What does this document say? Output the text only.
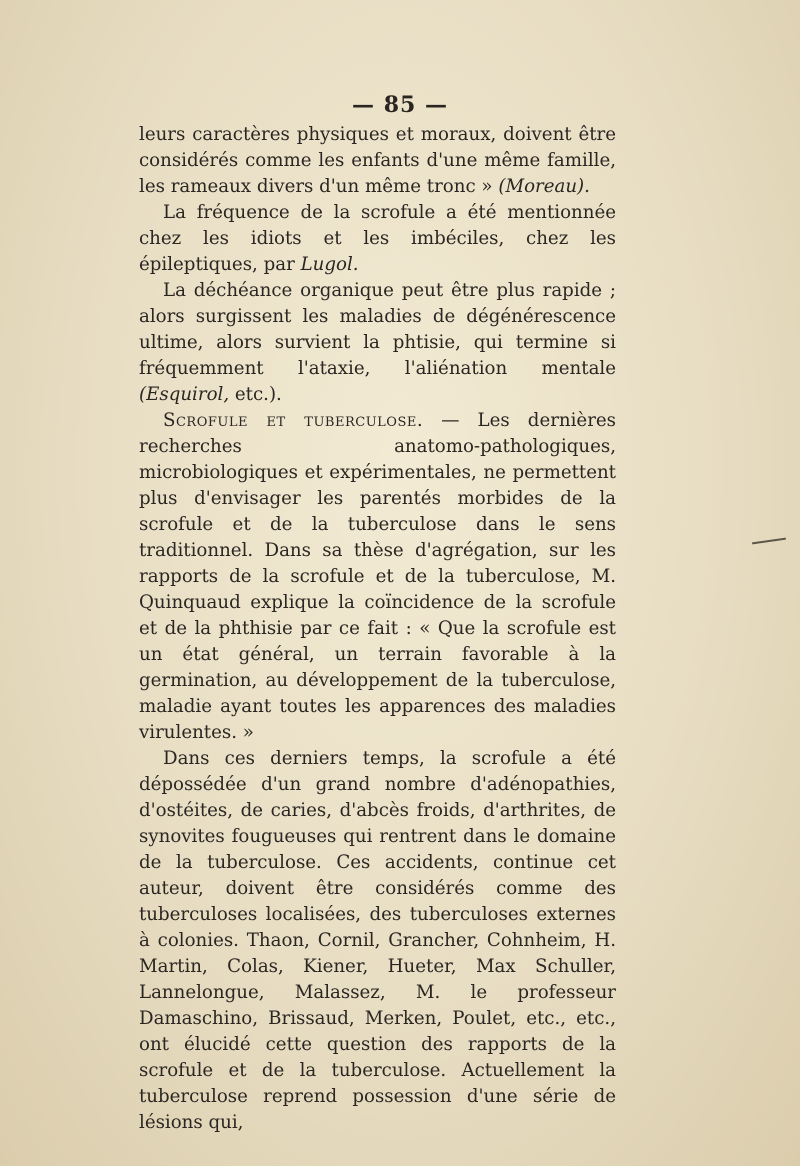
— 85 —

leurs caractères physiques et moraux, doivent être considérés comme les enfants d'une même famille, les rameaux divers d'un même tronc » (Moreau).

La fréquence de la scrofule a été mentionnée chez les idiots et les imbéciles, chez les épileptiques, par Lugol.

La déchéance organique peut être plus rapide ; alors surgissent les maladies de dégénérescence ultime, alors survient la phtisie, qui termine si fréquemment l'ataxie, l'aliénation mentale (Esquirol, etc.).

Scrofule et tuberculose. — Les dernières recherches anatomo-pathologiques, microbiologiques et expérimentales, ne permettent plus d'envisager les parentés morbides de la scrofule et de la tuberculose dans le sens traditionnel. Dans sa thèse d'agrégation, sur les rapports de la scrofule et de la tuberculose, M. Quinquaud explique la coïncidence de la scrofule et de la phthisie par ce fait : « Que la scrofule est un état général, un terrain favorable à la germination, au développement de la tuberculose, maladie ayant toutes les apparences des maladies virulentes. »

Dans ces derniers temps, la scrofule a été dépossédée d'un grand nombre d'adénopathies, d'ostéites, de caries, d'abcès froids, d'arthrites, de synovites fougueuses qui rentrent dans le domaine de la tuberculose. Ces accidents, continue cet auteur, doivent être considérés comme des tuberculoses localisées, des tuberculoses externes à colonies. Thaon, Cornil, Grancher, Cohnheim, H. Martin, Colas, Kiener, Hueter, Max Schuller, Lannelongue, Malassez, M. le professeur Damaschino, Brissaud, Merken, Poulet, etc., etc., ont élucidé cette question des rapports de la scrofule et de la tuberculose. Actuellement la tuberculose reprend possession d'une série de lésions qui,
